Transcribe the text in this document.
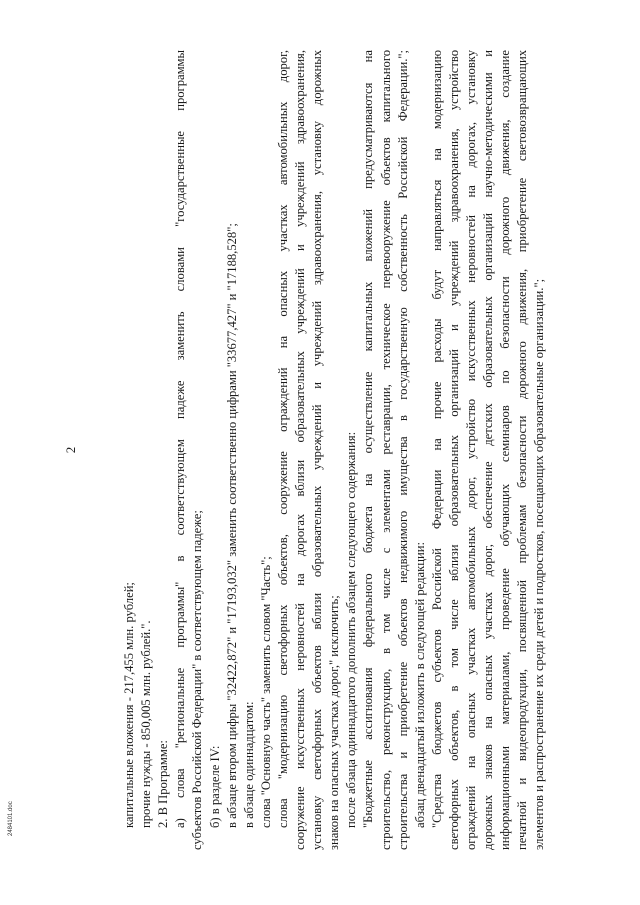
2
капитальные вложения - 217,455 млн. рублей; прочие нужды - 850,005 млн. рублей.". 2. В Программе: а) слова "региональные программы" в соответствующем падеже заменить словами "государственные программы субъектов Российской Федерации" в соответствующем падеже; б) в разделе IV: в абзаце втором цифры "32422,872" и "17193,032" заменить соответственно цифрами "33677,427" и "17188,528"; в абзаце одиннадцатом: слова "Основную часть" заменить словом "Часть"; слова "модернизацию светофорных объектов, сооружение ограждений на опасных участках автомобильных дорог, сооружение искусственных неровностей на дорогах вблизи образовательных учреждений и учреждений здравоохранения, установку светофорных объектов вблизи образовательных учреждений и учреждений здравоохранения, установку дорожных знаков на опасных участках дорог," исключить; после абзаца одиннадцатого дополнить абзацем следующего содержания: "Бюджетные ассигнования федерального бюджета на осуществление капитальных вложений предусматриваются на строительство, реконструкцию, в том числе с элементами реставрации, техническое перевооружение объектов капитального строительства и приобретение объектов недвижимого имущества в государственную собственность Российской Федерации."; абзац двенадцатый изложить в следующей редакции: "Средства бюджетов субъектов Российской Федерации на прочие расходы будут направляться на модернизацию светофорных объектов, в том числе вблизи образовательных организаций и учреждений здравоохранения, устройство ограждений на опасных участках автомобильных дорог, устройство искусственных неровностей на дорогах, установку дорожных знаков на опасных участках дорог, обеспечение детских образовательных организаций научно-методическими и информационными материалами, проведение обучающих семинаров по безопасности дорожного движения, создание печатной и видеопродукции, посвященной проблемам безопасности дорожного движения, приобретение световозвращающих элементов и распространение их среди детей и подростков, посещающих образовательные организации.";
2484101.doc
